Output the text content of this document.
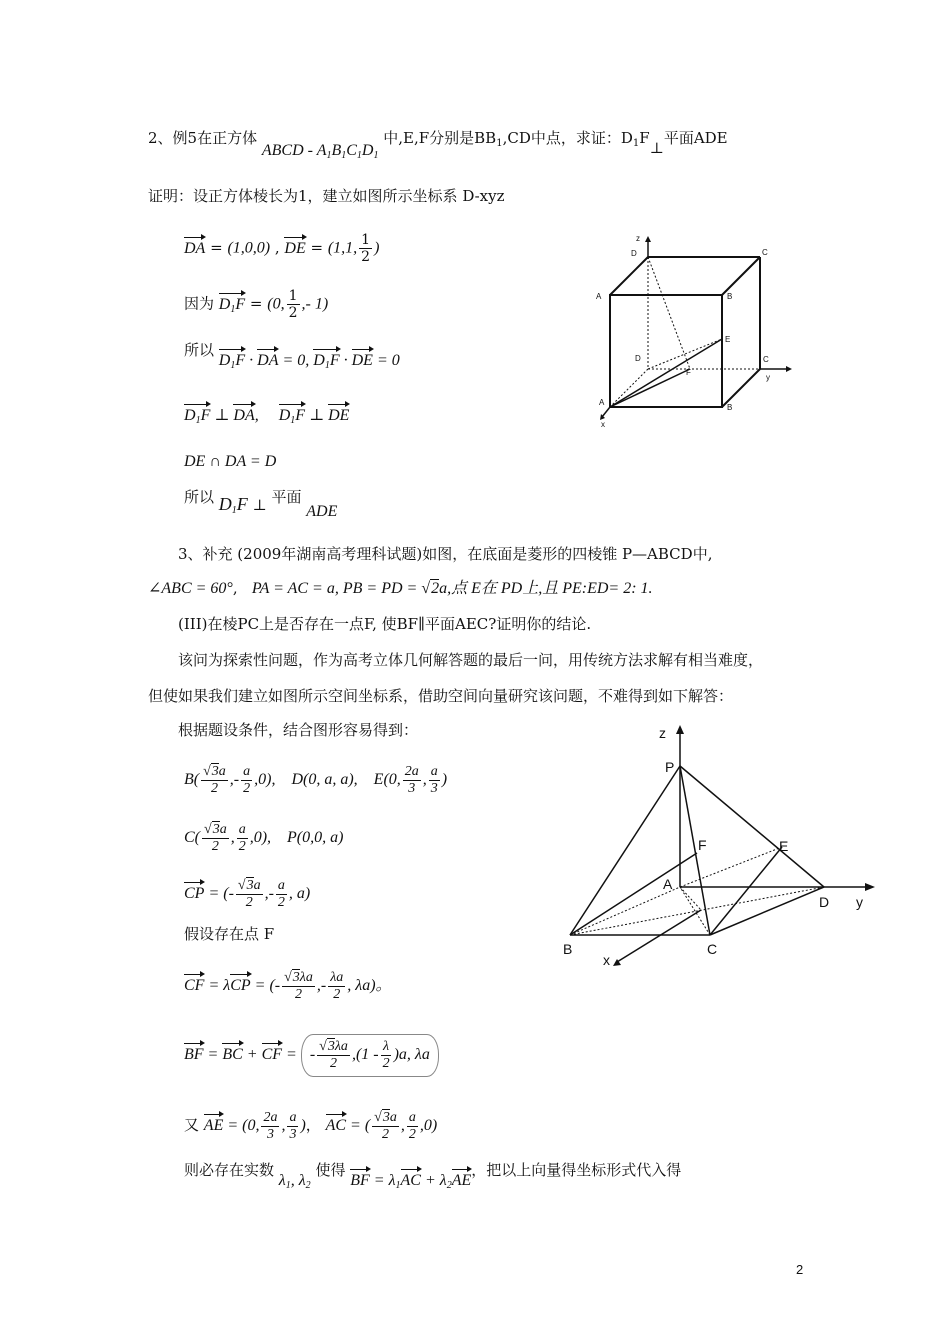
2、例5在正方体 ABCD - $A_1B_1C_1D_1$ 中,E,F分别是$BB_1,CD$中点，求证：$D_1F\perp$平面ADE
证明：设正方体棱长为1，建立如图所示坐标系 D-xyz
DA = (1,0,0) , DE = (1,1, $\frac{1}{2}$ )
因为 $D_1F = (0$, $\frac{1}{2}$ ,- 1)
所以 $D_1F$ · DA = 0, $D_1F$ · DE = 0
$D_1F$ ⊥ DA,     $D_1F$ ⊥ DE
DE ∩ DA = D
所以 $D_1F$ ⊥ 平面 ADE
z
D	C
A	B
E
D	C
y
F
A
B
x
3、补充 (2009年湖南高考理科试题)如图，在底面是菱形的四棱锥 P—ABCD中,
∠ABC = 60°,   PA = AC = a, PB = PD = √2a,点 E在 PD上,且 PE:ED= 2: 1.
(III)在棱PC上是否存在一点F, 使BF∥平面AEC?证明你的结论.
该问为探索性问题，作为高考立体几何解答题的最后一问，用传统方法求解有相当难度，
但使如果我们建立如图所示空间坐标系，借助空间向量研究该问题，不难得到如下解答：
根据题设条件，结合图形容易得到：
$B( \frac{√3a}{2}$ ,- $\frac{a}{2} ,0$),    D(0, a, a),    E(0, $\frac{2a}{3}$ , $\frac{a}{3}$ )
$C( \frac{√3a}{2}$ , $\frac{a}{2} ,0$),    P(0,0, a)
CP = (- $\frac{√3a}{2}$ ,- $\frac{a}{2}$ , a)
假设存在点 F
CF = λCP = (- $\frac{√3\lambda a}{2}$ ,- $\frac{\lambda a}{2}$ , λa)。
BF = BC + CF = - $\frac{√3\lambda a}{2} ,(1 - \frac{\lambda}{2} )a$, λa
又 AE = (0, $\frac{2a}{3}$ , $\frac{a}{3}$ )， AC = ( $\frac{√3a}{2}$ , $\frac{a}{2} ,0$)
则必存在实数 $\lambda_1$, $\lambda_2$ 使得 BF = $\lambda_1AC + \lambda_2AE$，把以上向量得坐标形式代入得
z
P
F	E
A
D y
B	C
x
2
